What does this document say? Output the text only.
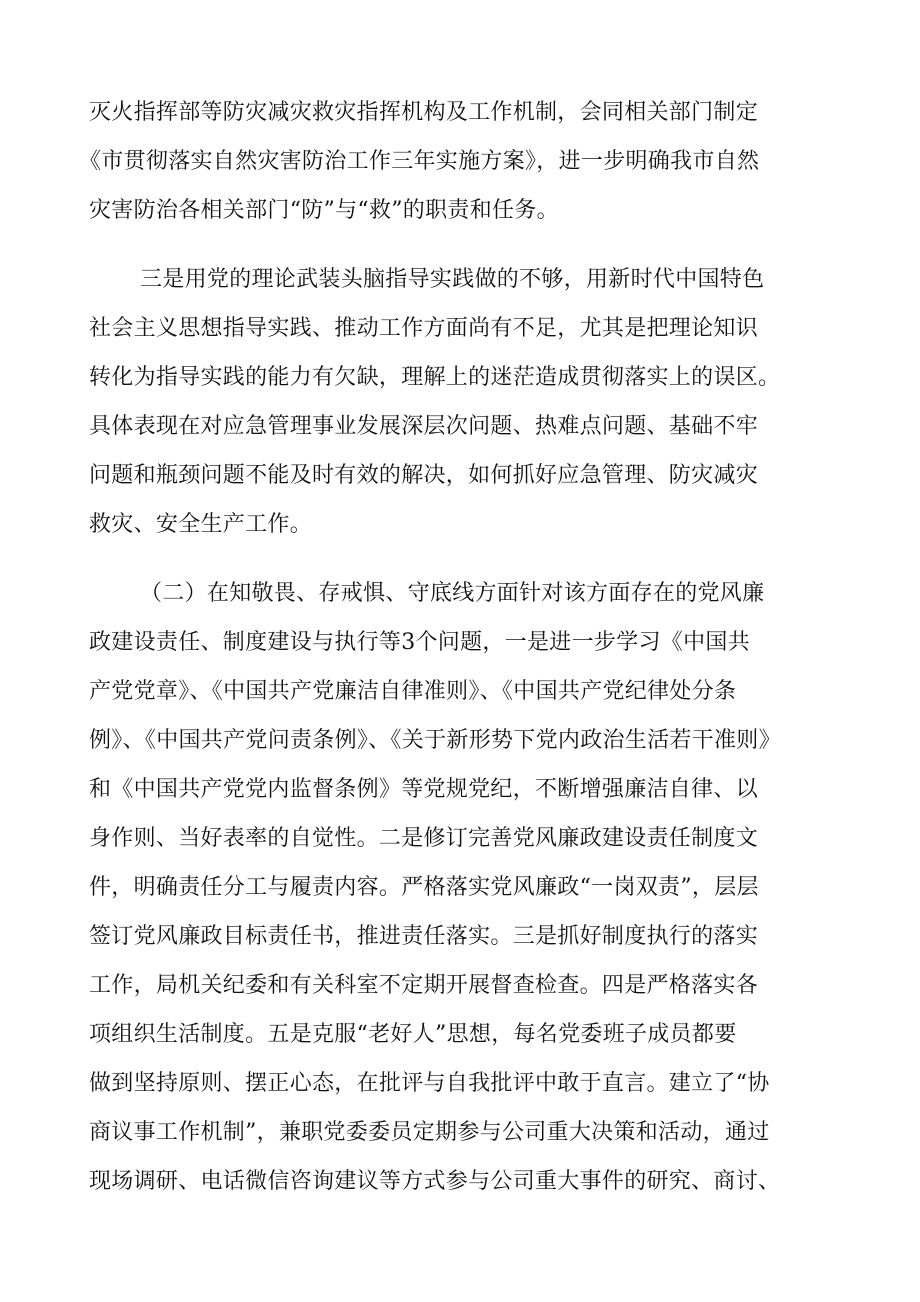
灭火指挥部等防灾减灾救灾指挥机构及工作机制，会同相关部门制定
《市贯彻落实自然灾害防治工作三年实施方案》，进一步明确我市自然
灾害防治各相关部门“防”与“救”的职责和任务。
三是用党的理论武装头脑指导实践做的不够，用新时代中国特色
社会主义思想指导实践、推动工作方面尚有不足，尤其是把理论知识
转化为指导实践的能力有欠缺，理解上的迷茫造成贯彻落实上的误区。
具体表现在对应急管理事业发展深层次问题、热难点问题、基础不牢
问题和瓶颈问题不能及时有效的解决，如何抓好应急管理、防灾减灾
救灾、安全生产工作。
（二）在知敬畏、存戒惧、守底线方面针对该方面存在的党风廉
政建设责任、制度建设与执行等3个问题，一是进一步学习《中国共
产党党章》、《中国共产党廉洁自律准则》、《中国共产党纪律处分条
例》、《中国共产党问责条例》、《关于新形势下党内政治生活若干准则》
和《中国共产党党内监督条例》等党规党纪，不断增强廉洁自律、以
身作则、当好表率的自觉性。二是修订完善党风廉政建设责任制度文
件，明确责任分工与履责内容。严格落实党风廉政“一岗双责”，层层
签订党风廉政目标责任书，推进责任落实。三是抓好制度执行的落实
工作，局机关纪委和有关科室不定期开展督查检查。四是严格落实各
项组织生活制度。五是克服“老好人”思想，每名党委班子成员都要
做到坚持原则、摆正心态，在批评与自我批评中敢于直言。建立了“协
商议事工作机制”，兼职党委委员定期参与公司重大决策和活动，通过
现场调研、电话微信咨询建议等方式参与公司重大事件的研究、商讨、
